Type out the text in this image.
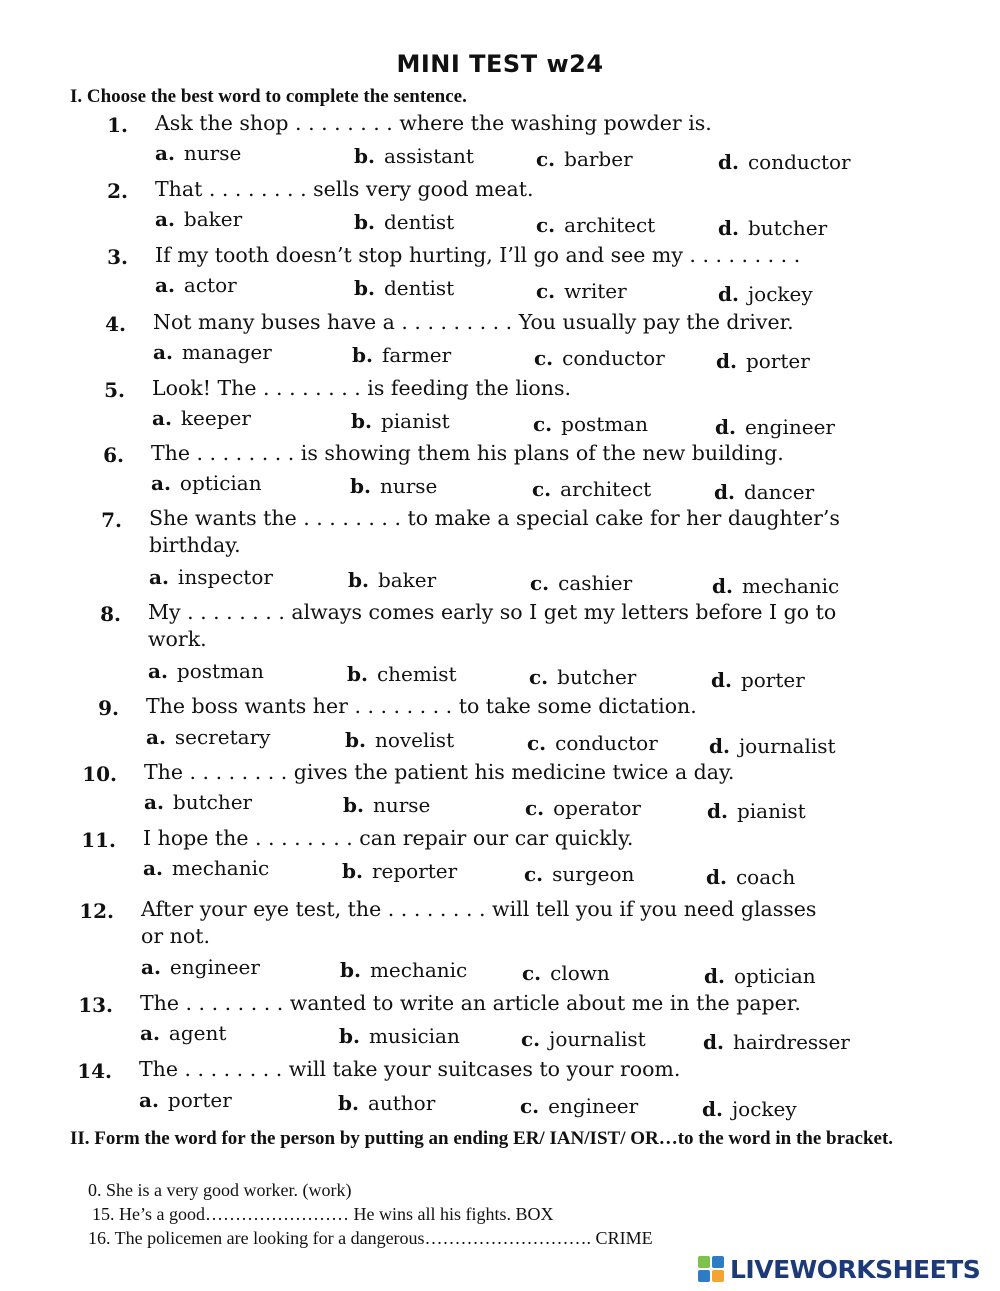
MINI TEST w24
I. Choose the best word to complete the sentence.
1. Ask the shop . . . . . . . . where the washing powder is.
a. nurse	b. assistant	c. barber	d. conductor
2. That . . . . . . . . sells very good meat.
a. baker	b. dentist	c. architect	d. butcher
3. If my tooth doesn’t stop hurting, I’ll go and see my . . . . . . . . .
a. actor	b. dentist	c. writer	d. jockey
4. Not many buses have a . . . . . . . . . You usually pay the driver.
a. manager	b. farmer	c. conductor	d. porter
5. Look! The . . . . . . . . is feeding the lions.
a. keeper	b. pianist	c. postman	d. engineer
6. The . . . . . . . . is showing them his plans of the new building.
a. optician	b. nurse	c. architect	d. dancer
7. She wants the . . . . . . . . to make a special cake for her daughter’s
birthday.
a. inspector	b. baker	c. cashier	d. mechanic
8. My . . . . . . . . always comes early so I get my letters before I go to
work.
a. postman	b. chemist	c. butcher	d. porter
9. The boss wants her . . . . . . . . to take some dictation.
a. secretary	b. novelist	c. conductor	d. journalist
10. The . . . . . . . . gives the patient his medicine twice a day.
a. butcher	b. nurse	c. operator	d. pianist
11. I hope the . . . . . . . . can repair our car quickly.
a. mechanic	b. reporter	c. surgeon	d. coach
12. After your eye test, the . . . . . . . . will tell you if you need glasses
or not.
a. engineer	b. mechanic	c. clown	d. optician
13. The . . . . . . . . wanted to write an article about me in the paper.
a. agent	b. musician	c. journalist	d. hairdresser
14. The . . . . . . . . will take your suitcases to your room.
a. porter	b. author	c. engineer	d. jockey
II. Form the word for the person by putting an ending ER/ IAN/IST/ OR…to the word in the bracket.
0. She is a very good worker. (work)
15. He’s a good…………………… He wins all his fights. BOX
16. The policemen are looking for a dangerous………………………. CRIME
LIVEWORKSHEETS
